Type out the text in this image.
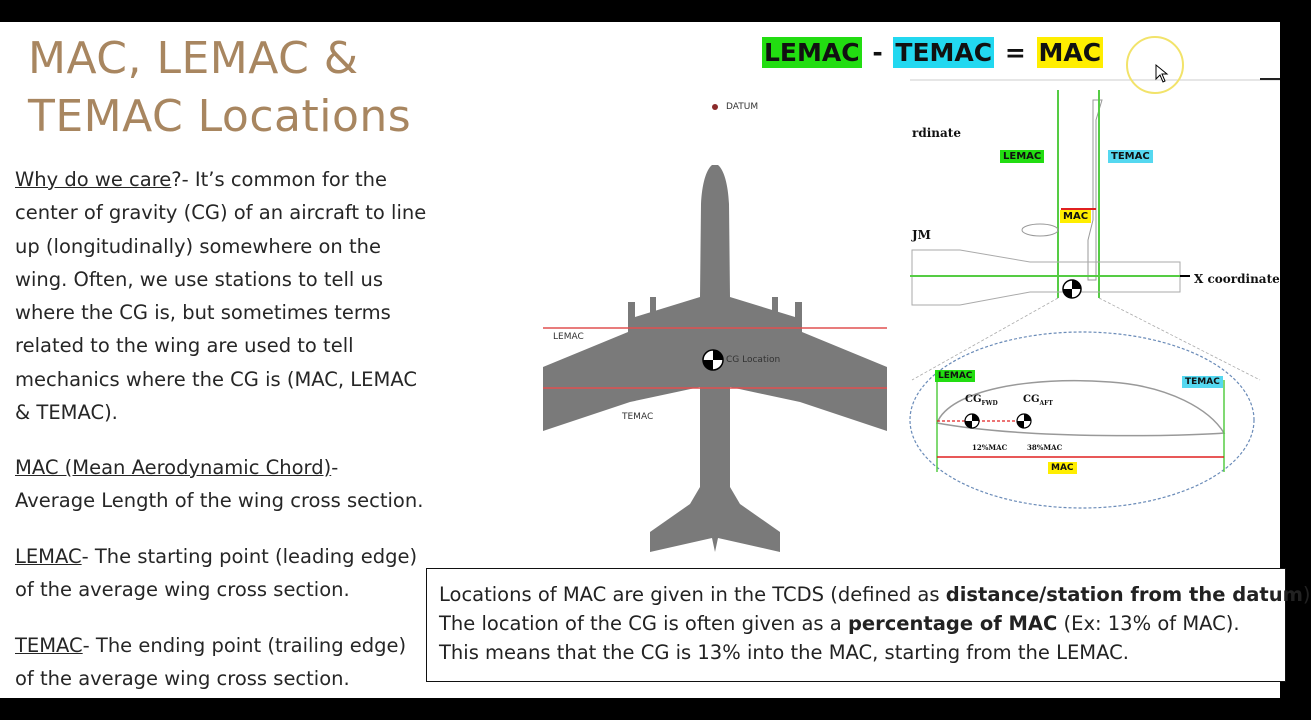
MAC, LEMAC &
TEMAC Locations
Why do we care?- It’s common for the
center of gravity (CG) of an aircraft to line
up (longitudinally) somewhere on the
wing. Often, we use stations to tell us
where the CG is, but sometimes terms
related to the wing are used to tell
mechanics where the CG is (MAC, LEMAC
& TEMAC).
MAC (Mean Aerodynamic Chord)-
Average Length of the wing cross section.
LEMAC- The starting point (leading edge)
of the average wing cross section.
TEMAC- The ending point (trailing edge)
of the average wing cross section.
LEMAC - TEMAC = MAC
DATUM
LEMAC
TEMAC
CG Location
rdinate
JM
LEMAC	TEMAC
MAC
X coordinate
LEMAC
TEMAC
$CG_{FWD}$	$CG_{AFT}$
12%MAC	38%MAC
MAC
Locations of MAC are given in the TCDS (defined as distance/station from the datum)
The location of the CG is often given as a percentage of MAC (Ex: 13% of MAC).
This means that the CG is 13% into the MAC, starting from the LEMAC.
